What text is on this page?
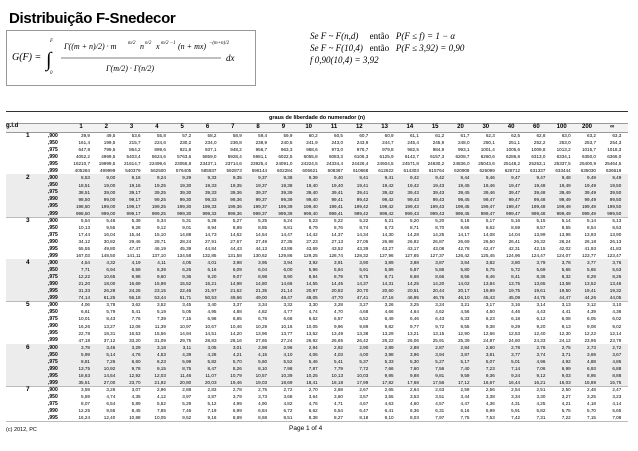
Distribuição F-Snedecor
G(F) = ∫
F
0
Γ((m + n)/2) · m m/2 n n/2 x m/2 −1 (n + mx) −(m+n)/2
Γ(m/2) · Γ(n/2)
dx
Se F ~ F(n,d) então P(F ≤ f) = 1 − α
Se F ~ F(10,4) então P(F ≤ 3,92) = 0,90
f 0,90(10,4) = 3,92
graus de liberdade do numerador (n)
1	2	3	4	5	6	7	8	9	10	11	12	13	14	15	20	30	40	60	100	200	∞
g.l.d
1	,900	39,9	49,5	53,6	55,8	57,2	58,2	58,9	59,4	59,9	60,2	60,5	60,7	60,9	61,1	61,2	61,7	62,3	62,5	62,8	63,0	63,2	63,3
,950	161,4	199,5	215,7	224,6	230,2	234,0	236,8	238,9	240,5	241,9	243,0	243,9	244,7	245,4	245,9	248,0	250,1	251,1	252,2	253,0	253,7	254,3
,975	647,8	799,5	864,2	899,6	921,8	937,1	948,2	956,7	963,3	968,6	973,0	976,7	979,8	982,5	984,9	993,1	1001,4	1005,6	1009,8	1013,2	1015,7	1018,3
,990	4052,2	4999,5	5403,4	5624,6	5763,6	5859,0	5928,4	5981,1	6022,5	6055,8	6083,3	6106,3	6125,9	6142,7	6157,3	6208,7	6260,6	6286,8	6313,0	6334,1	6350,0	6366,0
,995	16210,7	19999,5	21614,7	22499,6	23055,8	23437,1	23714,6	23925,4	24091,0	24224,5	24334,4	24426,4	24504,5	24571,8	24630,2	24836,0	25043,6	25148,2	25253,1	25337,5	25400,9	25464,5
,999	405284	499999	540379	562500	576405	585937	592873	598144	602284	605621	608367	610668	612622	614303	615764	620908	626099	628712	631337	633444	635030	636619
2	,900	8,53	9,00	9,16	9,24	9,29	9,33	9,35	9,37	9,38	9,39	9,40	9,41	9,41	9,42	9,42	9,44	9,46	9,47	9,47	9,48	9,49	9,49
,950	18,51	19,00	19,16	19,25	19,30	19,33	19,35	19,37	19,38	19,40	19,40	19,41	19,42	19,42	19,43	19,45	19,46	19,47	19,48	19,49	19,49	19,50
,975	38,51	39,00	39,17	39,25	39,30	39,33	39,36	39,37	39,39	39,40	39,41	39,41	39,42	39,43	39,43	39,45	39,46	39,47	39,48	39,49	39,49	39,50
,990	98,50	99,00	99,17	99,25	99,30	99,33	99,36	99,37	99,39	99,40	99,41	99,42	99,42	99,43	99,43	99,45	99,47	99,47	99,48	99,49	99,49	99,50
,995	198,50	199,00	199,17	199,25	199,30	199,33	199,36	199,37	199,39	199,40	199,41	199,42	199,42	199,43	199,43	199,45	199,47	199,47	199,48	199,49	199,49	199,50
,999	998,50	999,00	999,17	999,25	999,30	999,33	999,36	999,37	999,39	999,40	999,41	999,42	999,42	999,43	999,43	999,45	999,47	999,47	999,48	999,49	999,49	999,50
3	,900	5,54	5,46	5,39	5,34	5,31	5,28	5,27	5,25	5,24	5,23	5,22	5,22	5,21	5,20	5,20	5,18	5,17	5,16	5,15	5,14	5,14	5,13
,950	10,13	9,55	9,28	9,12	9,01	8,94	8,89	8,85	8,81	8,79	8,76	8,74	8,73	8,71	8,70	8,66	8,62	8,59	8,57	8,55	8,54	8,53
,975	17,44	16,04	15,44	15,10	14,88	14,73	14,62	14,54	14,47	14,42	14,37	14,34	14,30	14,28	14,25	14,17	14,08	14,04	13,99	13,96	13,93	13,90
,990	34,12	30,82	29,46	28,71	28,24	27,91	27,67	27,49	27,35	27,23	27,13	27,05	26,98	26,92	26,87	26,69	26,50	26,41	26,32	26,24	26,18	26,13
,995	55,55	49,80	47,47	46,19	45,39	44,84	44,43	44,13	43,88	43,69	43,52	43,39	43,27	43,17	43,08	42,78	42,47	42,31	42,15	42,02	41,93	41,83
,999	167,03	148,50	141,11	137,10	134,58	132,85	131,58	130,62	129,86	129,25	128,74	128,32	127,96	127,65	127,37	126,42	125,45	124,96	124,47	124,07	123,77	123,47
4	,900	4,54	4,32	4,19	4,11	4,05	4,01	3,98	3,95	3,94	3,92	3,91	3,90	3,89	3,88	3,87	3,84	3,82	3,80	3,79	3,78	3,77	3,76
,950	7,71	6,94	6,59	6,39	6,26	6,16	6,09	6,04	6,00	5,96	5,94	5,91	5,89	5,87	5,86	5,80	5,75	5,72	5,69	5,66	5,65	5,63
,975	12,22	10,65	9,98	9,60	9,36	9,20	9,07	8,98	8,90	8,84	8,79	8,75	8,71	8,68	8,66	8,56	8,46	8,41	8,36	8,32	8,29	8,26
,990	21,20	18,00	16,69	15,98	15,52	15,21	14,98	14,80	14,66	14,55	14,45	14,37	14,31	14,25	14,20	14,02	13,84	13,75	13,65	13,58	13,52	13,46
,995	31,33	26,28	24,26	23,15	22,46	21,97	21,62	21,35	21,14	20,97	20,82	20,70	20,60	20,51	20,44	20,17	19,89	19,75	19,61	19,50	19,41	19,32
,999	74,14	61,25	56,18	53,44	51,71	50,53	49,66	49,00	48,47	48,05	47,70	47,41	47,16	46,95	46,76	46,10	45,43	45,09	44,75	44,47	44,26	44,05
5	,900	4,06	3,78	3,62	3,52	3,45	3,40	3,37	3,34	3,32	3,30	3,28	3,27	3,26	3,25	3,24	3,21	3,17	3,16	3,14	3,13	3,12	3,10
,950	6,61	5,79	5,41	5,19	5,05	4,95	4,88	4,82	4,77	4,74	4,70	4,68	4,66	4,64	4,62	4,56	4,50	4,46	4,43	4,41	4,39	4,36
,975	10,01	8,43	7,76	7,39	7,15	6,98	6,85	6,76	6,68	6,62	6,57	6,52	6,49	6,46	6,43	6,33	6,23	6,18	6,12	6,08	6,05	6,02
,990	16,26	13,27	12,06	11,39	10,97	10,67	10,46	10,29	10,16	10,05	9,96	9,89	9,82	9,77	9,72	9,55	9,38	9,29	9,20	9,13	9,08	9,02
,995	22,78	18,31	16,53	15,56	14,94	14,51	14,20	13,96	13,77	13,62	13,49	13,38	13,29	13,21	13,15	12,90	12,66	12,53	12,40	12,30	12,22	12,14
,999	47,18	37,12	33,20	31,09	29,75	28,83	28,16	27,65	27,24	26,92	26,65	26,42	26,22	26,06	25,91	25,39	24,87	24,60	24,33	24,12	23,95	23,79
6	,900	3,78	3,46	3,29	3,18	3,11	3,05	3,01	2,98	2,96	2,94	2,92	2,90	2,89	2,88	2,87	2,84	2,80	2,78	2,76	2,75	2,73	2,72
,950	5,99	5,14	4,76	4,53	4,39	4,28	4,21	4,15	4,10	4,06	4,03	4,00	3,98	3,96	3,94	3,87	3,81	3,77	3,74	3,71	3,69	3,67
,975	8,81	7,26	6,60	6,23	5,99	5,82	5,70	5,60	5,52	5,46	5,41	5,37	5,33	5,30	5,27	5,17	5,07	5,01	4,96	4,92	4,88	4,85
,990	13,75	10,92	9,78	9,15	8,75	8,47	8,26	8,10	7,98	7,87	7,79	7,72	7,66	7,60	7,56	7,40	7,23	7,14	7,06	6,99	6,93	6,88
,995	18,63	14,54	12,92	12,03	11,46	11,07	10,79	10,57	10,39	10,25	10,13	10,03	9,95	9,88	9,81	9,59	9,36	9,24	9,12	9,03	8,95	8,88
,999	35,51	27,00	23,70	21,92	20,80	20,03	19,46	19,03	18,69	18,41	18,18	17,99	17,82	17,68	17,56	17,12	16,67	16,44	16,21	16,03	15,89	15,75
7	,900	3,59	3,26	3,07	2,96	2,88	2,83	2,78	2,75	2,72	2,70	2,68	2,67	2,65	2,64	2,63	2,59	2,56	2,54	2,51	2,50	2,48	2,47
,950	5,59	4,74	4,35	4,12	3,97	3,87	3,79	3,73	3,68	3,64	3,60	3,57	3,55	3,53	3,51	3,44	3,38	3,34	3,30	3,27	3,25	3,23
,975	8,07	6,54	5,89	5,52	5,29	5,12	4,99	4,90	4,82	4,76	4,71	4,67	4,63	4,60	4,57	4,47	4,36	4,31	4,25	4,21	4,18	4,14
,990	12,25	9,55	8,45	7,85	7,46	7,19	6,99	6,84	6,72	6,62	6,54	6,47	6,41	6,36	6,31	6,16	5,99	5,91	5,82	5,75	5,70	5,65
,995	16,24	12,40	10,88	10,05	9,52	9,16	8,89	8,68	8,51	8,38	8,27	8,18	8,10	8,03	7,97	7,75	7,53	7,42	7,31	7,22	7,15	7,08
(c) 2012, PC	Page 1 of 4
